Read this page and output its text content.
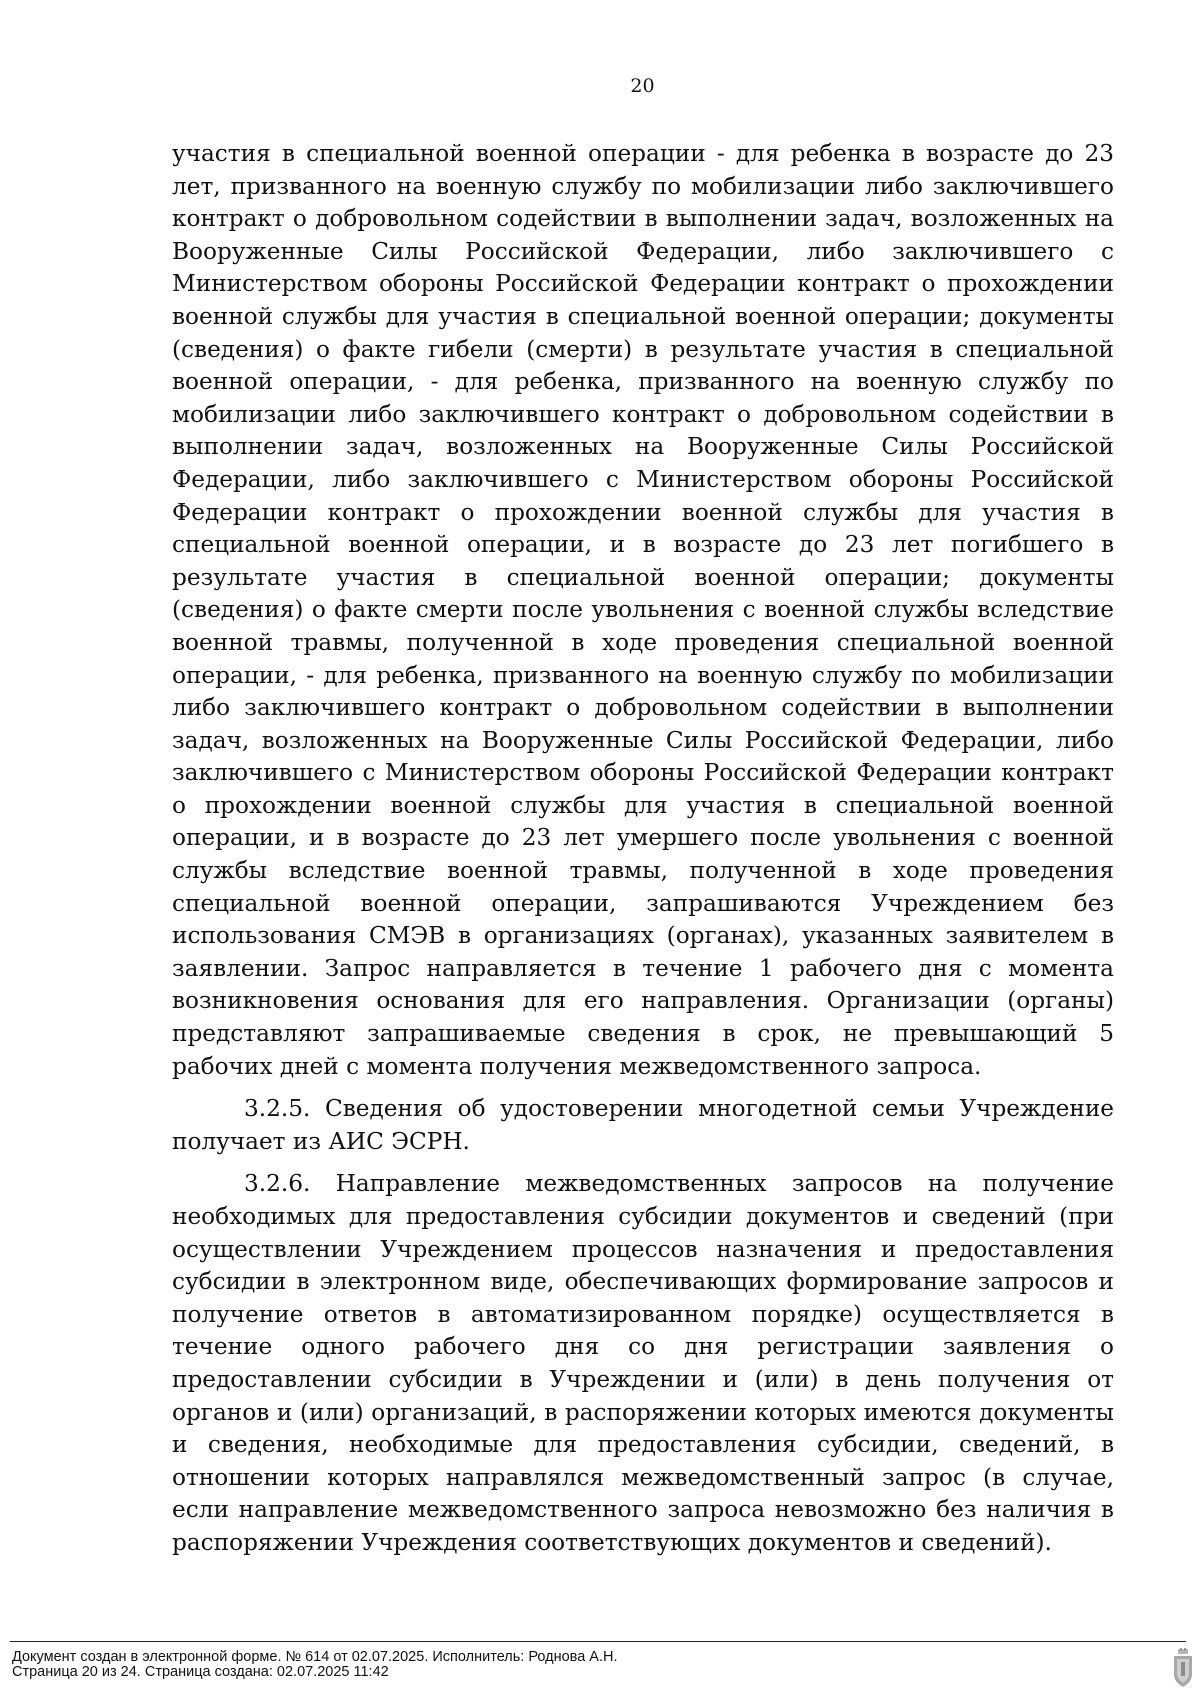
20

участия в специальной военной операции - для ребенка в возрасте до 23 лет, призванного на военную службу по мобилизации либо заключившего контракт о добровольном содействии в выполнении задач, возложенных на Вооруженные Силы Российской Федерации, либо заключившего с Министерством обороны Российской Федерации контракт о прохождении военной службы для участия в специальной военной операции; документы (сведения) о факте гибели (смерти) в результате участия в специальной военной операции, - для ребенка, призванного на военную службу по мобилизации либо заключившего контракт о добровольном содействии в выполнении задач, возложенных на Вооруженные Силы Российской Федерации, либо заключившего с Министерством обороны Российской Федерации контракт о прохождении военной службы для участия в специальной военной операции, и в возрасте до 23 лет погибшего в результате участия в специальной военной операции; документы (сведения) о факте смерти после увольнения с военной службы вследствие военной травмы, полученной в ходе проведения специальной военной операции, - для ребенка, призванного на военную службу по мобилизации либо заключившего контракт о добровольном содействии в выполнении задач, возложенных на Вооруженные Силы Российской Федерации, либо заключившего с Министерством обороны Российской Федерации контракт о прохождении военной службы для участия в специальной военной операции, и в возрасте до 23 лет умершего после увольнения с военной службы вследствие военной травмы, полученной в ходе проведения специальной военной операции, запрашиваются Учреждением без использования СМЭВ в организациях (органах), указанных заявителем в заявлении. Запрос направляется в течение 1 рабочего дня с момента возникновения основания для его направления. Организации (органы) представляют запрашиваемые сведения в срок, не превышающий 5 рабочих дней с момента получения межведомственного запроса.

3.2.5. Сведения об удостоверении многодетной семьи Учреждение получает из АИС ЭСРН.

3.2.6. Направление межведомственных запросов на получение необходимых для предоставления субсидии документов и сведений (при осуществлении Учреждением процессов назначения и предоставления субсидии в электронном виде, обеспечивающих формирование запросов и получение ответов в автоматизированном порядке) осуществляется в течение одного рабочего дня со дня регистрации заявления о предоставлении субсидии в Учреждении и (или) в день получения от органов и (или) организаций, в распоряжении которых имеются документы и сведения, необходимые для предоставления субсидии, сведений, в отношении которых направлялся межведомственный запрос (в случае, если направление межведомственного запроса невозможно без наличия в распоряжении Учреждения соответствующих документов и сведений).

Документ создан в электронной форме. № 614 от 02.07.2025. Исполнитель: Роднова А.Н.
Страница 20 из 24. Страница создана: 02.07.2025 11:42
